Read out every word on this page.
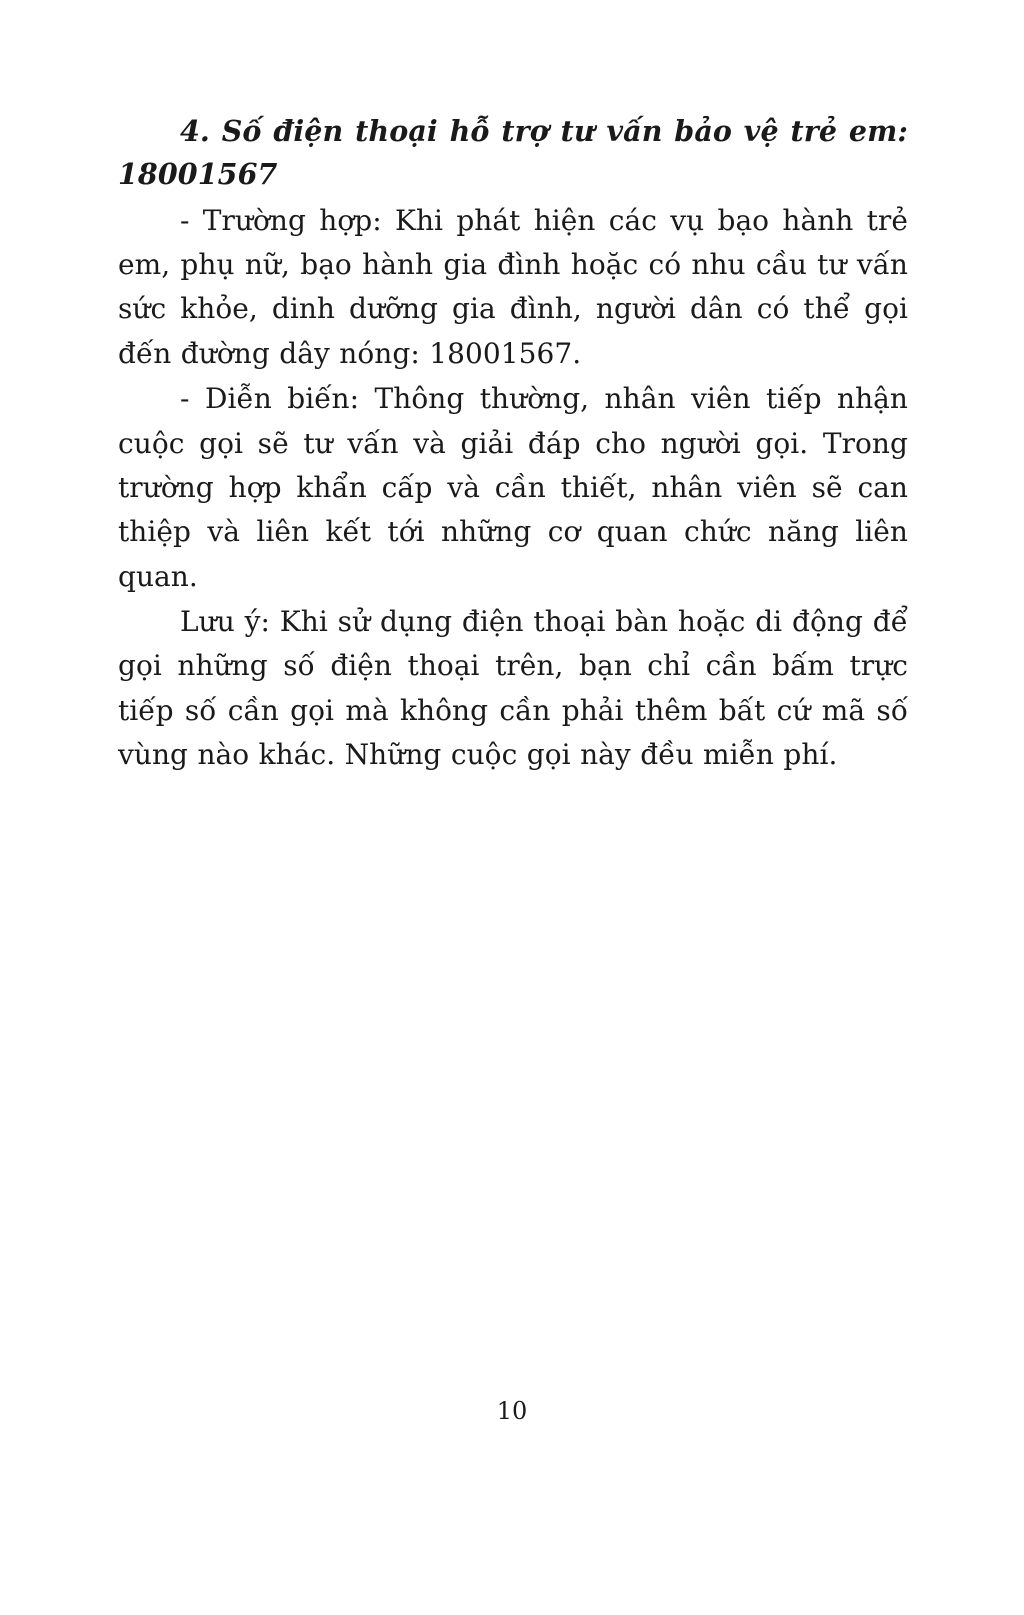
4. Số điện thoại hỗ trợ tư vấn bảo vệ trẻ em: 18001567

- Trường hợp: Khi phát hiện các vụ bạo hành trẻ em, phụ nữ, bạo hành gia đình hoặc có nhu cầu tư vấn sức khỏe, dinh dưỡng gia đình, người dân có thể gọi đến đường dây nóng: 18001567.

- Diễn biến: Thông thường, nhân viên tiếp nhận cuộc gọi sẽ tư vấn và giải đáp cho người gọi. Trong trường hợp khẩn cấp và cần thiết, nhân viên sẽ can thiệp và liên kết tới những cơ quan chức năng liên quan.

Lưu ý: Khi sử dụng điện thoại bàn hoặc di động để gọi những số điện thoại trên, bạn chỉ cần bấm trực tiếp số cần gọi mà không cần phải thêm bất cứ mã số vùng nào khác. Những cuộc gọi này đều miễn phí.

10
